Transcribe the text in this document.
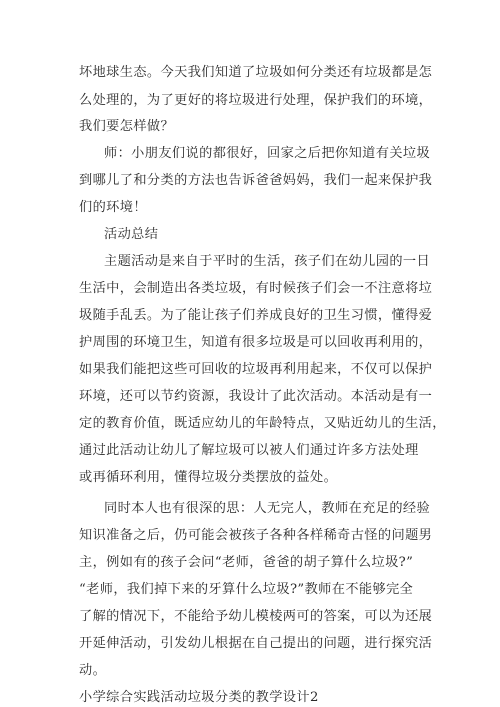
坏地球生态。今天我们知道了垃圾如何分类还有垃圾都是怎
么处理的，为了更好的将垃圾进行处理，保护我们的环境，
我们要怎样做？
师：小朋友们说的都很好，回家之后把你知道有关垃圾
到哪儿了和分类的方法也告诉爸爸妈妈，我们一起来保护我
们的环境！
活动总结
主题活动是来自于平时的生活，孩子们在幼儿园的一日
生活中，会制造出各类垃圾，有时候孩子们会一不注意将垃
圾随手乱丢。为了能让孩子们养成良好的卫生习惯，懂得爱
护周围的环境卫生，知道有很多垃圾是可以回收再利用的，
如果我们能把这些可回收的垃圾再利用起来，不仅可以保护
环境，还可以节约资源，我设计了此次活动。本活动是有一
定的教育价值，既适应幼儿的年龄特点，又贴近幼儿的生活，
通过此活动让幼儿了解垃圾可以被人们通过许多方法处理
或再循环利用，懂得垃圾分类摆放的益处。
同时本人也有很深的思：人无完人，教师在充足的经验
知识准备之后，仍可能会被孩子各种各样稀奇古怪的问题男
主，例如有的孩子会问“老师，爸爸的胡子算什么垃圾?”
“老师，我们掉下来的牙算什么垃圾?”教师在不能够完全
了解的情况下，不能给予幼儿模棱两可的答案，可以为还展
开延伸活动，引发幼儿根据在自己提出的问题，进行探究活
动。
小学综合实践活动垃圾分类的教学设计2
